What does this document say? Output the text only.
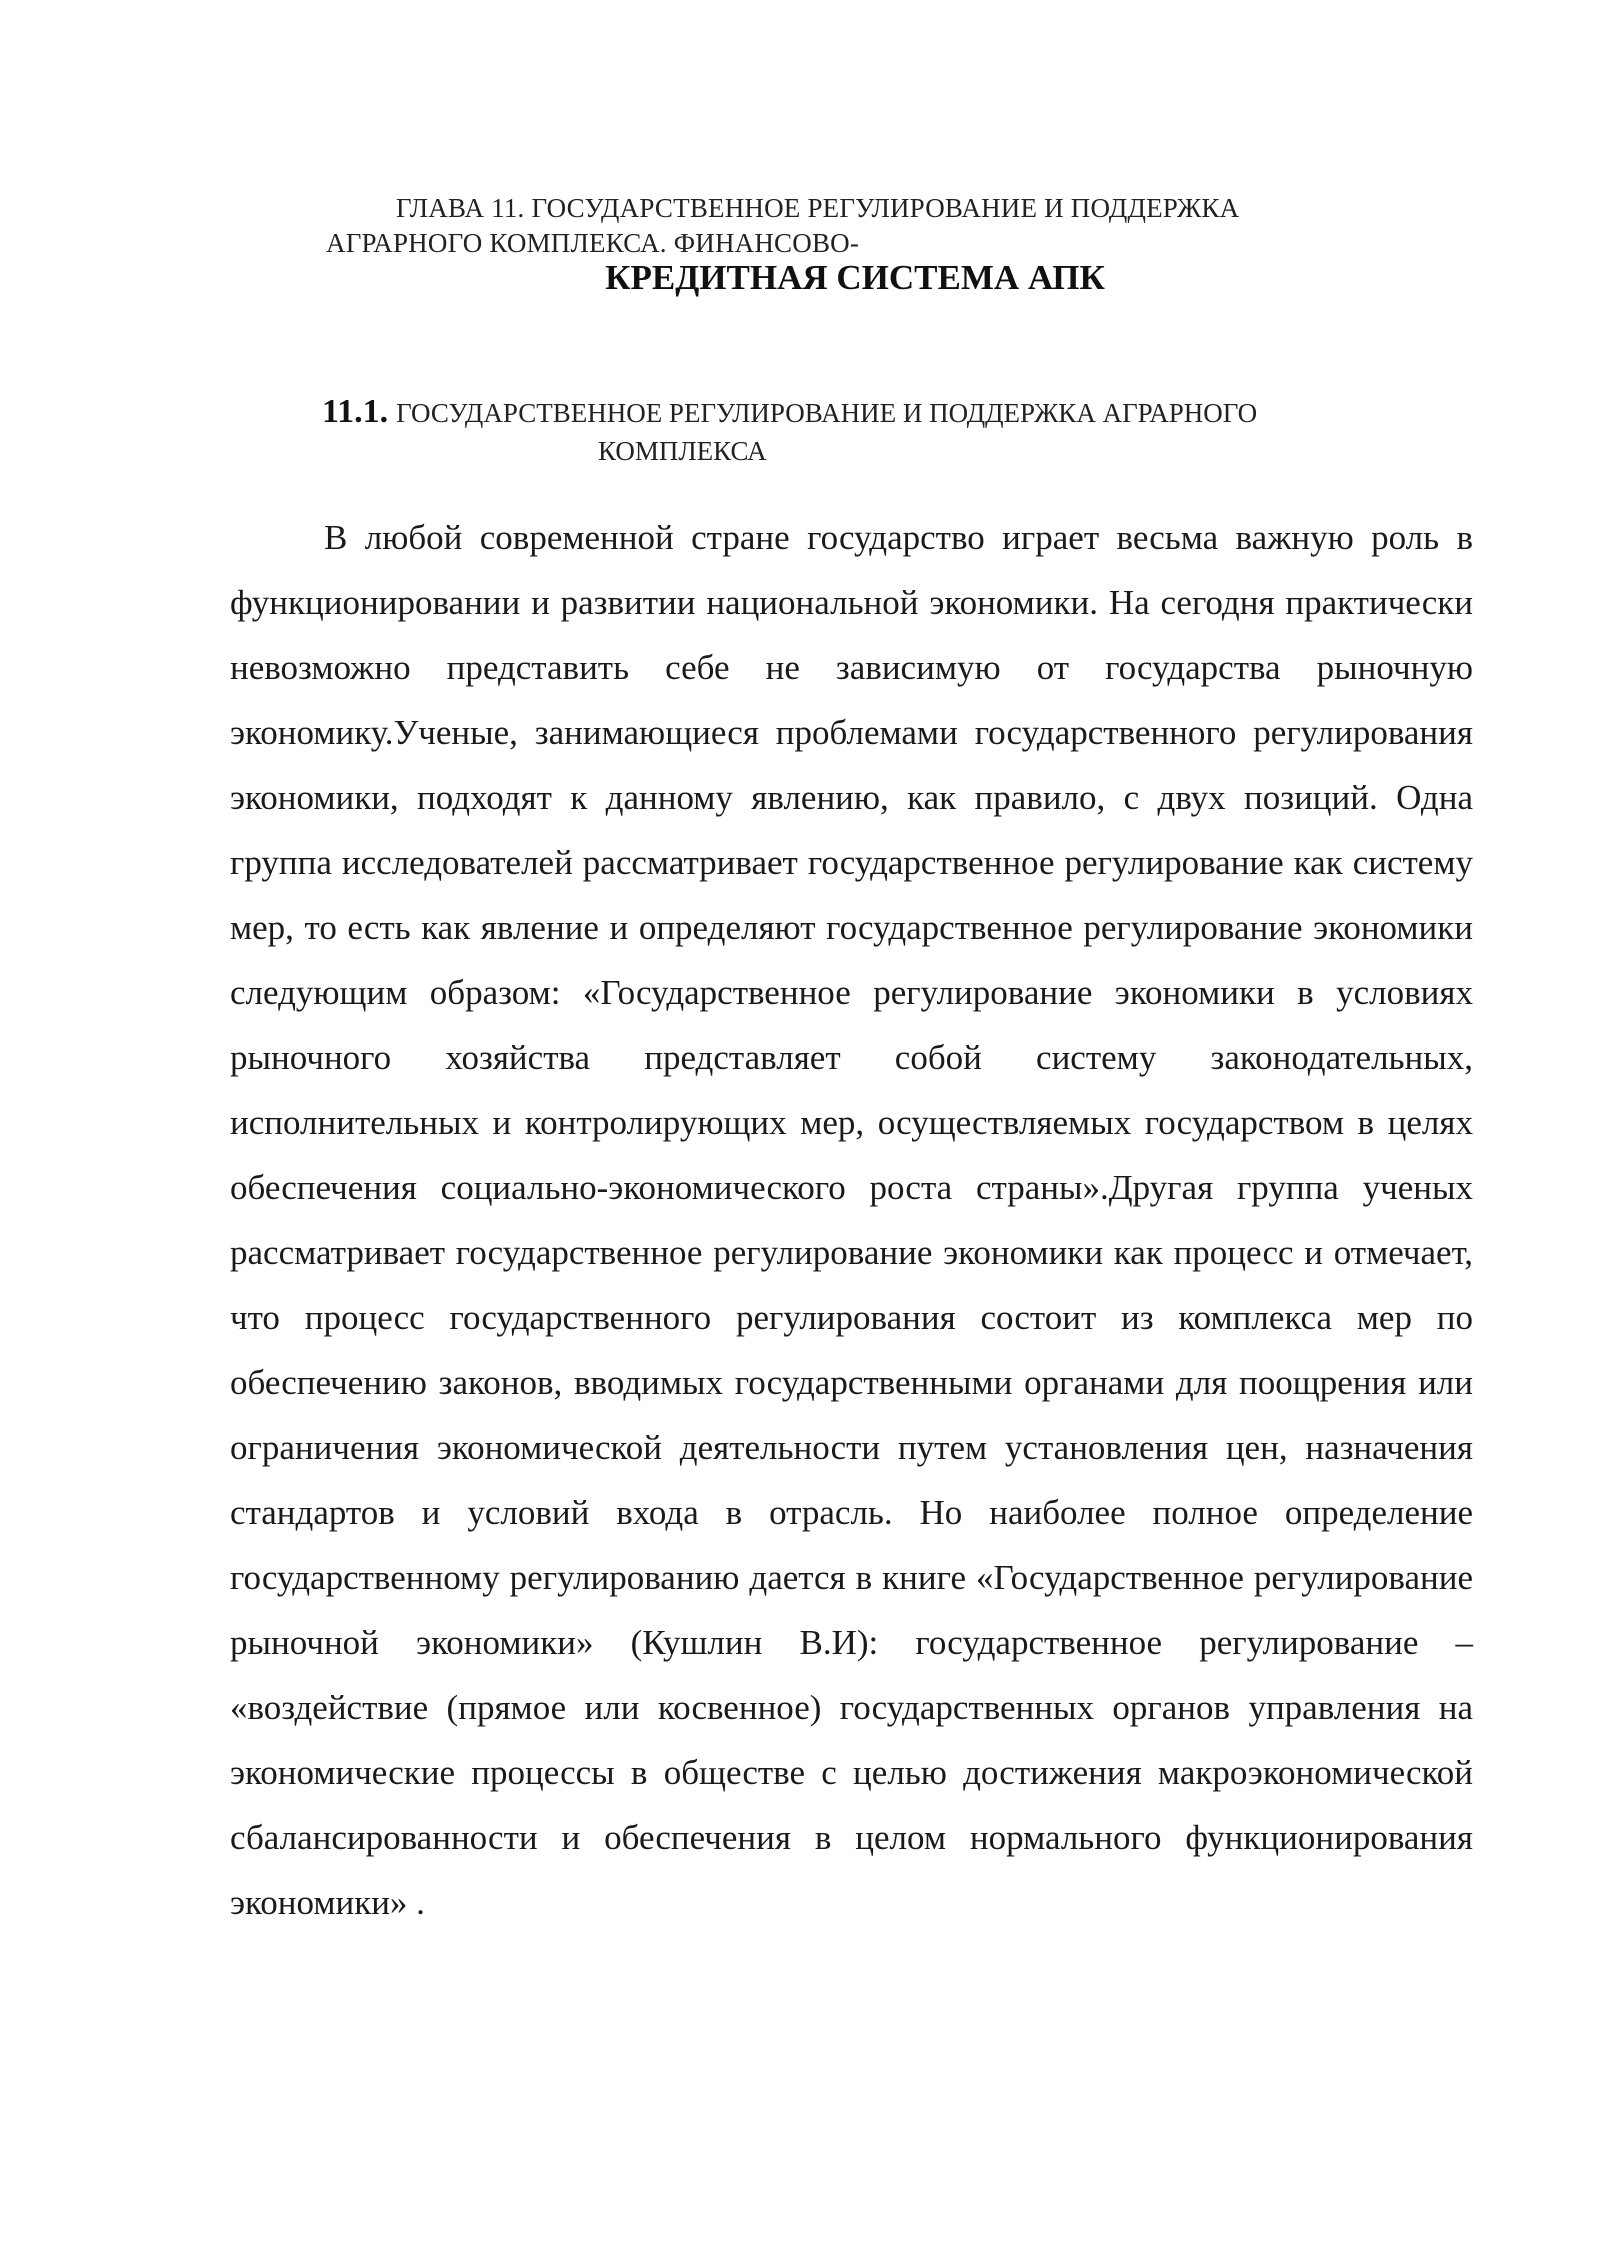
ГЛАВА 11. ГОСУДАРСТВЕННОЕ РЕГУЛИРОВАНИЕ И ПОДДЕРЖКА
АГРАРНОГО КОМПЛЕКСА. ФИНАНСОВО-
КРЕДИТНАЯ СИСТЕМА АПК
11.1. ГОСУДАРСТВЕННОЕ РЕГУЛИРОВАНИЕ И ПОДДЕРЖКА АГРАРНОГО
КОМПЛЕКСА

В любой современной стране государство играет весьма важную роль в функционировании и развитии национальной экономики. На сегодня практически невозможно представить себе не зависимую от государства рыночную экономику.Ученые, занимающиеся проблемами государственного регулирования экономики, подходят к данному явлению, как правило, с двух позиций. Одна группа исследователей рассматривает государственное регулирование как систему мер, то есть как явление и определяют государственное регулирование экономики следующим образом: «Государственное регулирование экономики в условиях рыночного хозяйства представляет собой систему законодательных, исполнительных и контролирующих мер, осуществляемых государством в целях обеспечения социально-экономического роста страны».Другая группа ученых рассматривает государственное регулирование экономики как процесс и отмечает, что процесс государственного регулирования состоит из комплекса мер по обеспечению законов, вводимых государственными органами для поощрения или ограничения экономической деятельности путем установления цен, назначения стандартов и условий входа в отрасль. Но наиболее полное определение государственному регулированию дается в книге «Государственное регулирование рыночной экономики» (Кушлин В.И): государственное регулирование – «воздействие (прямое или косвенное) государственных органов управления на экономические процессы в обществе с целью достижения макроэкономической сбалансированности и обеспечения в целом нормального функционирования экономики» .
